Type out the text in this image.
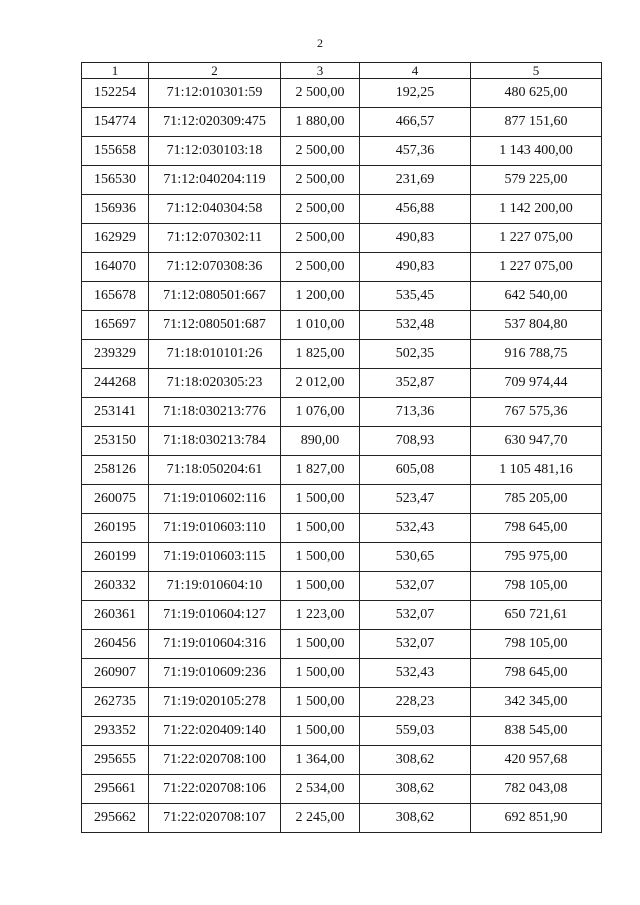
2
1	2	3	4	5
152254	71:12:010301:59	2 500,00	192,25	480 625,00
154774	71:12:020309:475	1 880,00	466,57	877 151,60
155658	71:12:030103:18	2 500,00	457,36	1 143 400,00
156530	71:12:040204:119	2 500,00	231,69	579 225,00
156936	71:12:040304:58	2 500,00	456,88	1 142 200,00
162929	71:12:070302:11	2 500,00	490,83	1 227 075,00
164070	71:12:070308:36	2 500,00	490,83	1 227 075,00
165678	71:12:080501:667	1 200,00	535,45	642 540,00
165697	71:12:080501:687	1 010,00	532,48	537 804,80
239329	71:18:010101:26	1 825,00	502,35	916 788,75
244268	71:18:020305:23	2 012,00	352,87	709 974,44
253141	71:18:030213:776	1 076,00	713,36	767 575,36
253150	71:18:030213:784	890,00	708,93	630 947,70
258126	71:18:050204:61	1 827,00	605,08	1 105 481,16
260075	71:19:010602:116	1 500,00	523,47	785 205,00
260195	71:19:010603:110	1 500,00	532,43	798 645,00
260199	71:19:010603:115	1 500,00	530,65	795 975,00
260332	71:19:010604:10	1 500,00	532,07	798 105,00
260361	71:19:010604:127	1 223,00	532,07	650 721,61
260456	71:19:010604:316	1 500,00	532,07	798 105,00
260907	71:19:010609:236	1 500,00	532,43	798 645,00
262735	71:19:020105:278	1 500,00	228,23	342 345,00
293352	71:22:020409:140	1 500,00	559,03	838 545,00
295655	71:22:020708:100	1 364,00	308,62	420 957,68
295661	71:22:020708:106	2 534,00	308,62	782 043,08
295662	71:22:020708:107	2 245,00	308,62	692 851,90
